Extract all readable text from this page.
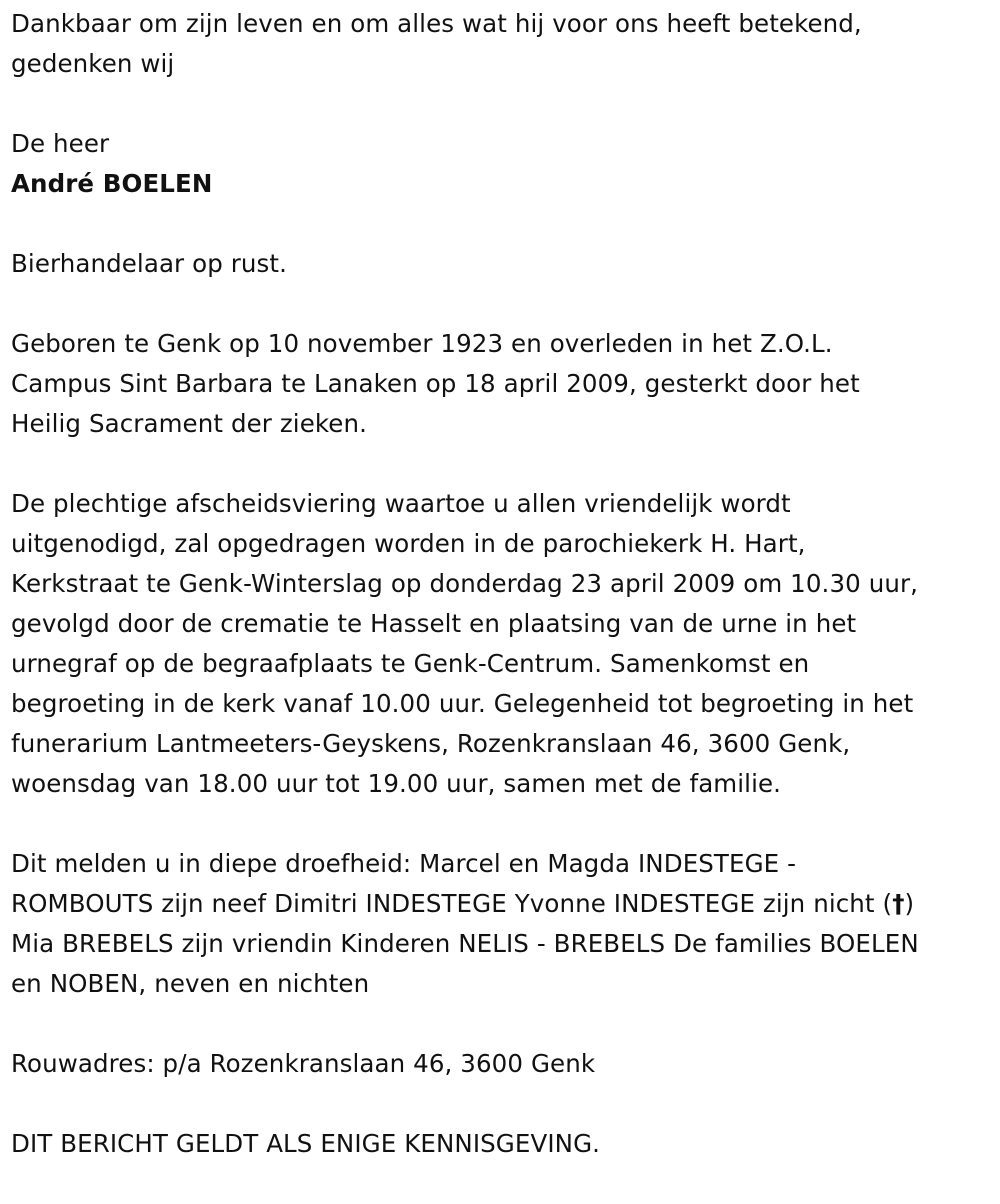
Dankbaar om zijn leven en om alles wat hij voor ons heeft betekend,
gedenken wij

De heer

André BOELEN

Bierhandelaar op rust.

Geboren te Genk op 10 november 1923 en overleden in het Z.O.L.
Campus Sint Barbara te Lanaken op 18 april 2009, gesterkt door het
Heilig Sacrament der zieken.

De plechtige afscheidsviering waartoe u allen vriendelijk wordt
uitgenodigd, zal opgedragen worden in de parochiekerk H. Hart,
Kerkstraat te Genk-Winterslag op donderdag 23 april 2009 om 10.30 uur,
gevolgd door de crematie te Hasselt en plaatsing van de urne in het
urnegraf op de begraafplaats te Genk-Centrum. Samenkomst en
begroeting in de kerk vanaf 10.00 uur. Gelegenheid tot begroeting in het
funerarium Lantmeeters-Geyskens, Rozenkranslaan 46, 3600 Genk,
woensdag van 18.00 uur tot 19.00 uur, samen met de familie.

Dit melden u in diepe droefheid: Marcel en Magda INDESTEGE -
ROMBOUTS zijn neef Dimitri INDESTEGE Yvonne INDESTEGE zijn nicht (†)
Mia BREBELS zijn vriendin Kinderen NELIS - BREBELS De families BOELEN
en NOBEN, neven en nichten

Rouwadres: p/a Rozenkranslaan 46, 3600 Genk

DIT BERICHT GELDT ALS ENIGE KENNISGEVING.
